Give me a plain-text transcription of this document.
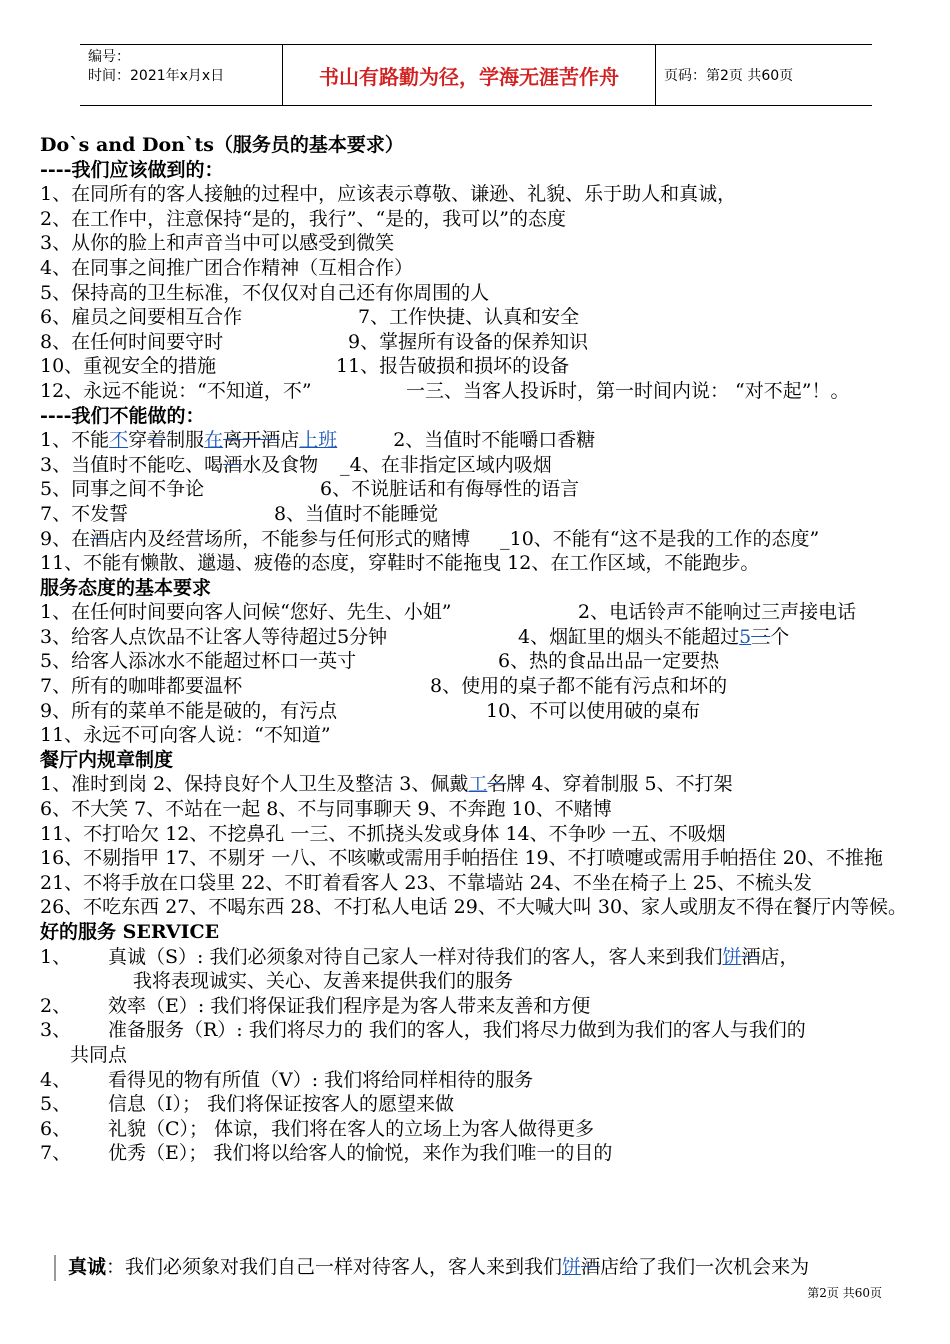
编号：
时间：2021年x月x日	书山有路勤为径，学海无涯苦作舟	页码：第2页 共60页

Do`s and Don`ts（服务员的基本要求）

----我们应该做到的：

1、在同所有的客人接触的过程中，应该表示尊敬、谦逊、礼貌、乐于助人和真诚，

2、在工作中，注意保持“是的，我行”、“是的，我可以”的态度

3、从你的脸上和声音当中可以感受到微笑

4、在同事之间推广团合作精神（互相合作）

5、保持高的卫生标准，不仅仅对自己还有你周围的人

6、雇员之间要相互合作	7、工作快捷、认真和安全

8、在任何时间要守时	9、掌握所有设备的保养知识

10、重视安全的措施	11、报告破损和损坏的设备

12、永远不能说：“不知道，不”	一三、当客人投诉时，第一时间内说： “对不起”！。

----我们不能做的：

1、不能不穿着制服在离开酒店上班	2、当值时不能嚼口香糖

3、当值时不能吃、喝酒水及食物 _4、在非指定区域内吸烟

5、同事之间不争论	6、不说脏话和有侮辱性的语言

7、不发誓	8、当值时不能睡觉

9、在酒店内及经营场所，不能参与任何形式的赌博 _10、不能有“这不是我的工作的态度”

11、不能有懒散、邋遢、疲倦的态度，穿鞋时不能拖曳 12、在工作区域，不能跑步。

服务态度的基本要求

1、在任何时间要向客人问候“您好、先生、小姐”	2、电话铃声不能响过三声接电话

3、给客人点饮品不让客人等待超过5分钟	4、烟缸里的烟头不能超过5三个

5、给客人添冰水不能超过杯口一英寸	6、热的食品出品一定要热

7、所有的咖啡都要温杯	8、使用的桌子都不能有污点和坏的

9、所有的菜单不能是破的，有污点	10、不可以使用破的桌布

11、永远不可向客人说：“不知道”

餐厅内规章制度

1、准时到岗 2、保持良好个人卫生及整洁 3、佩戴工名牌 4、穿着制服 5、不打架

6、不大笑 7、不站在一起 8、不与同事聊天 9、不奔跑 10、不赌博

11、不打哈欠 12、不挖鼻孔 一三、不抓挠头发或身体 14、不争吵 一五、不吸烟

16、不剔指甲 17、不剔牙 一八、不咳嗽或需用手帕捂住 19、不打喷嚏或需用手帕捂住 20、不推拖

21、不将手放在口袋里 22、不盯着看客人 23、不靠墙站 24、不坐在椅子上 25、不梳头发

26、不吃东西 27、不喝东西 28、不打私人电话 29、不大喊大叫 30、家人或朋友不得在餐厅内等候。

好的服务 SERVICE

1、 真诚（S）: 我们必须象对待自己家人一样对待我们的客人，客人来到我们饼酒店，

我将表现诚实、关心、友善来提供我们的服务

2、 效率（E）: 我们将保证我们程序是为客人带来友善和方便

3、 准备服务（R）: 我们将尽力的 我们的客人，我们将尽力做到为我们的客人与我们的

共同点

4、 看得见的物有所值（V）: 我们将给同样相待的服务

5、 信息（I）； 我们将保证按客人的愿望来做

6、 礼貌（C）； 体谅，我们将在客人的立场上为客人做得更多

7、 优秀（E）； 我们将以给客人的愉悦，来作为我们唯一的目的

真诚：我们必须象对我们自己一样对待客人，客人来到我们饼酒店给了我们一次机会来为
第2页 共60页
